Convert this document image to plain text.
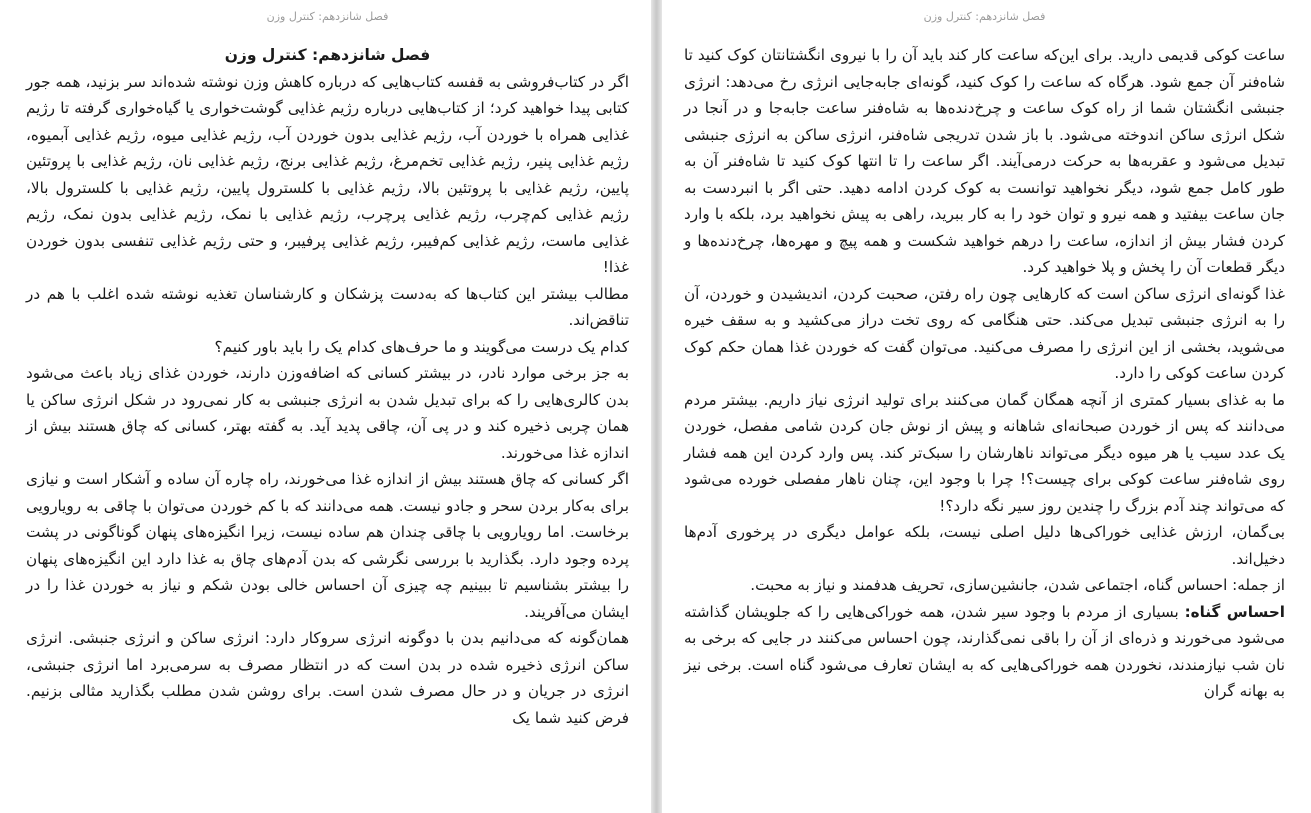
فصل شانزدهم: کنترل وزن

فصل شانزدهم: کنترل وزن

اگر در کتاب‌فروشی به قفسه کتاب‌هایی که درباره کاهش وزن نوشته شده‌اند سر بزنید، همه جور کتابی پیدا خواهید کرد؛ از کتاب‌هایی درباره رژیم غذایی گوشت‌خواری یا گیاه‌خواری گرفته تا رژیم غذایی همراه با خوردن آب، رژیم غذایی بدون خوردن آب، رژیم غذایی میوه، رژیم غذایی آبمیوه، رژیم غذایی پنیر، رژیم غذایی تخم‌مرغ، رژیم غذایی برنج، رژیم غذایی نان، رژیم غذایی با پروتئین پایین، رژیم غذایی با پروتئین بالا، رژیم غذایی با کلسترول پایین، رژیم غذایی با کلسترول بالا، رژیم غذایی کم‌چرب، رژیم غذایی پرچرب، رژیم غذایی با نمک، رژیم غذایی بدون نمک، رژیم غذایی ماست، رژیم غذایی کم‌فیبر، رژیم غذایی پرفیبر، و حتی رژیم غذایی تنفسی بدون خوردن غذا!

مطالب بیشتر این کتاب‌ها که به‌دست پزشکان و کارشناسان تغذیه نوشته شده اغلب با هم در تناقض‌اند.

کدام یک درست می‌گویند و ما حرف‌های کدام یک را باید باور کنیم؟

به جز برخی موارد نادر، در بیشتر کسانی که اضافه‌وزن دارند، خوردن غذای زیاد باعث می‌شود بدن کالری‌هایی را که برای تبدیل شدن به انرژی جنبشی به کار نمی‌رود در شکل انرژی ساکن یا همان چربی ذخیره کند و در پی آن، چاقی پدید آید. به گفته بهتر، کسانی که چاق هستند بیش از اندازه غذا می‌خورند.

اگر کسانی که چاق هستند بیش از اندازه غذا می‌خورند، راه چاره آن ساده و آشکار است و نیازی برای به‌کار بردن سحر و جادو نیست. همه می‌دانند که با کم خوردن می‌توان با چاقی به رویارویی برخاست. اما رویارویی با چاقی چندان هم ساده نیست، زیرا انگیزه‌های پنهان گوناگونی در پشت پرده وجود دارد. بگذارید با بررسی نگرشی که بدن آدم‌های چاق به غذا دارد این انگیزه‌های پنهان را بیشتر بشناسیم تا ببینیم چه چیزی آن احساس خالی بودن شکم و نیاز به خوردن غذا را در ایشان می‌آفریند.

همان‌گونه که می‌دانیم بدن با دوگونه انرژی سروکار دارد: انرژی ساکن و انرژی جنبشی. انرژی ساکن انرژی ذخیره شده در بدن است که در انتظار مصرف به سرمی‌برد اما انرژی جنبشی، انرژی در جریان و در حال مصرف شدن است. برای روشن شدن مطلب بگذارید مثالی بزنیم. فرض کنید شما یک

فصل شانزدهم: کنترل وزن

ساعت کوکی قدیمی دارید. برای این‌که ساعت کار کند باید آن را با نیروی انگشتانتان کوک کنید تا شاه‌فنر آن جمع شود. هرگاه که ساعت را کوک کنید، گونه‌ای جابه‌جایی انرژی رخ می‌دهد: انرژی جنبشی انگشتان شما از راه کوک ساعت و چرخ‌دنده‌ها به شاه‌فنر ساعت جابه‌جا و در آنجا در شکل انرژی ساکن اندوخته می‌شود. با باز شدن تدریجی شاه‌فنر، انرژی ساکن به انرژی جنبشی تبدیل می‌شود و عقربه‌ها به حرکت درمی‌آیند. اگر ساعت را تا انتها کوک کنید تا شاه‌فنر آن به طور کامل جمع شود، دیگر نخواهید توانست به کوک کردن ادامه دهید. حتی اگر با انبردست به جان ساعت بیفتید و همه نیرو و توان خود را به کار ببرید، راهی به پیش نخواهید برد، بلکه با وارد کردن فشار بیش از اندازه، ساعت را درهم خواهید شکست و همه پیچ و مهره‌ها، چرخ‌دنده‌ها و دیگر قطعات آن را پخش و پلا خواهید کرد.

غذا گونه‌ای انرژی ساکن است که کارهایی چون راه رفتن، صحبت کردن، اندیشیدن و خوردن، آن را به انرژی جنبشی تبدیل می‌کند. حتی هنگامی که روی تخت دراز می‌کشید و به سقف خیره می‌شوید، بخشی از این انرژی را مصرف می‌کنید. می‌توان گفت که خوردن غذا همان حکم کوک کردن ساعت کوکی را دارد.

ما به غذای بسیار کمتری از آنچه همگان گمان می‌کنند برای تولید انرژی نیاز داریم. بیشتر مردم می‌دانند که پس از خوردن صبحانه‌ای شاهانه و پیش از نوش جان کردن شامی مفصل، خوردن یک عدد سیب یا هر میوه دیگر می‌تواند ناهارشان را سبک‌تر کند. پس وارد کردن این همه فشار روی شاه‌فنر ساعت کوکی برای چیست؟! چرا با وجود این، چنان ناهار مفصلی خورده می‌شود که می‌تواند چند آدم بزرگ را چندین روز سیر نگه دارد؟!

بی‌گمان، ارزش غذایی خوراکی‌ها دلیل اصلی نیست، بلکه عوامل دیگری در پرخوری آدم‌ها دخیل‌اند.

از جمله: احساس گناه، اجتماعی شدن، جانشین‌سازی، تحریف هدفمند و نیاز به محبت.

احساس گناه: بسیاری از مردم با وجود سیر شدن، همه خوراکی‌هایی را که جلویشان گذاشته می‌شود می‌خورند و ذره‌ای از آن را باقی نمی‌گذارند، چون احساس می‌کنند در جایی که برخی به نان شب نیازمندند، نخوردن همه خوراکی‌هایی که به ایشان تعارف می‌شود گناه است. برخی نیز به بهانه گران
